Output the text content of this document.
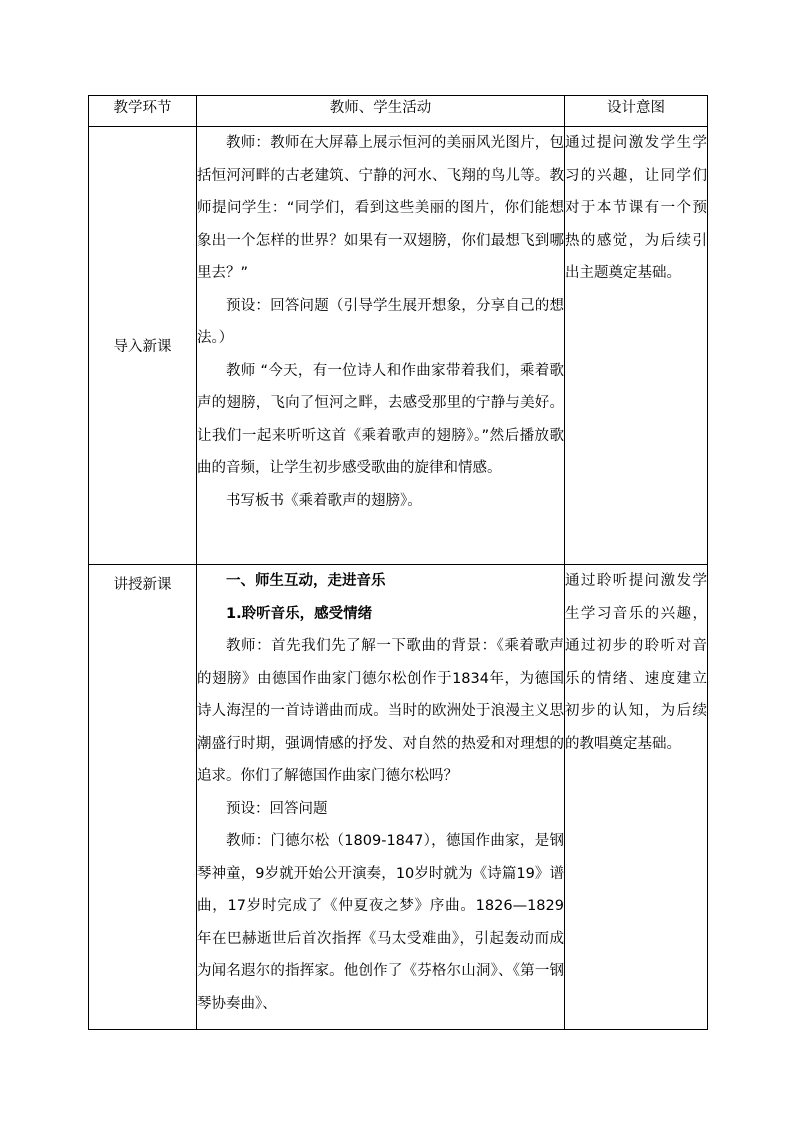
教学环节	教师、学生活动	设计意图
导入新课	教师：教师在大屏幕上展示恒河的美丽风光图片，包括恒河河畔的古老建筑、宁静的河水、飞翔的鸟儿等。教师提问学生：“同学们，看到这些美丽的图片，你们能想象出一个怎样的世界？如果有一双翅膀，你们最想飞到哪里去？”

预设：回答问题（引导学生展开想象，分享自己的想法。）

教师 “今天，有一位诗人和作曲家带着我们，乘着歌声的翅膀，飞向了恒河之畔，去感受那里的宁静与美好。让我们一起来听听这首《乘着歌声的翅膀》。”然后播放歌曲的音频，让学生初步感受歌曲的旋律和情感。

书写板书《乘着歌声的翅膀》。	通过提问激发学生学习的兴趣，让同学们对于本节课有一个预热的感觉，为后续引出主题奠定基础。

讲授新课	一、师生互动，走进音乐

1.聆听音乐，感受情绪

教师：首先我们先了解一下歌曲的背景：《乘着歌声的翅膀》由德国作曲家门德尔松创作于1834年，为德国诗人海涅的一首诗谱曲而成。当时的欧洲处于浪漫主义思潮盛行时期，强调情感的抒发、对自然的热爱和对理想的追求。你们了解德国作曲家门德尔松吗？

预设：回答问题

教师：门德尔松（1809-1847），德国作曲家，是钢琴神童，9岁就开始公开演奏，10岁时就为《诗篇19》谱曲，17岁时完成了《仲夏夜之梦》序曲。1826—1829年在巴赫逝世后首次指挥《马太受难曲》，引起轰动而成为闻名遐尔的指挥家。他创作了《芬格尔山洞》、《第一钢琴协奏曲》、	通过聆听提问激发学生学习音乐的兴趣，通过初步的聆听对音乐的情绪、速度建立初步的认知，为后续的教唱奠定基础。
